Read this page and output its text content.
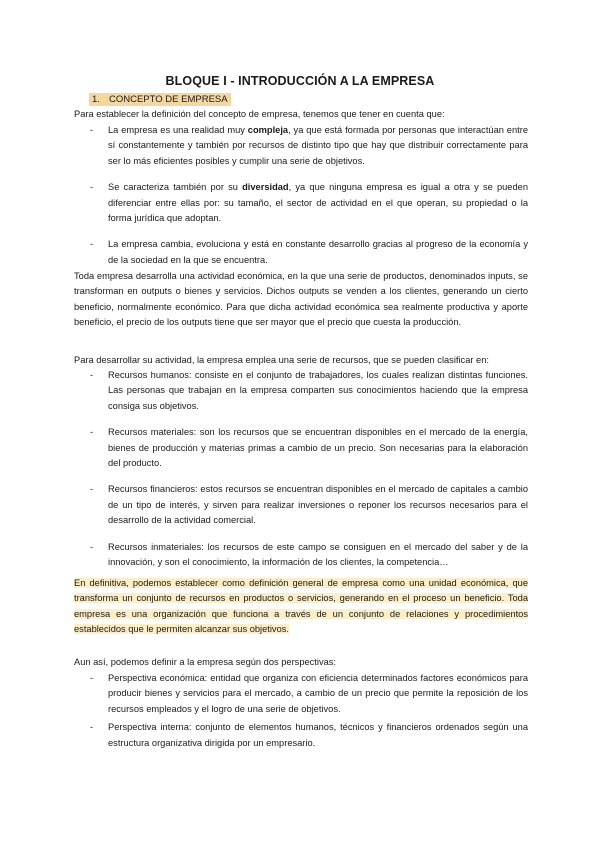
BLOQUE I - INTRODUCCIÓN A LA EMPRESA
1. CONCEPTO DE EMPRESA
Para establecer la definición del concepto de empresa, tenemos que tener en cuenta que:
- La empresa es una realidad muy compleja, ya que está formada por personas que interactúan entre sí constantemente y también por recursos de distinto tipo que hay que distribuir correctamente para ser lo más eficientes posibles y cumplir una serie de objetivos.
- Se caracteriza también por su diversidad, ya que ninguna empresa es igual a otra y se pueden diferenciar entre ellas por: su tamaño, el sector de actividad en el que operan, su propiedad o la forma jurídica que adoptan.
- La empresa cambia, evoluciona y está en constante desarrollo gracias al progreso de la economía y de la sociedad en la que se encuentra.
Toda empresa desarrolla una actividad económica, en la que una serie de productos, denominados inputs, se transforman en outputs o bienes y servicios. Dichos outputs se venden a los clientes, generando un cierto beneficio, normalmente económico. Para que dicha actividad económica sea realmente productiva y aporte beneficio, el precio de los outputs tiene que ser mayor que el precio que cuesta la producción.
Para desarrollar su actividad, la empresa emplea una serie de recursos, que se pueden clasificar en:
- Recursos humanos: consiste en el conjunto de trabajadores, los cuales realizan distintas funciones. Las personas que trabajan en la empresa comparten sus conocimientos haciendo que la empresa consiga sus objetivos.
- Recursos materiales: son los recursos que se encuentran disponibles en el mercado de la energía, bienes de producción y materias primas a cambio de un precio. Son necesarias para la elaboración del producto.
- Recursos financieros: estos recursos se encuentran disponibles en el mercado de capitales a cambio de un tipo de interés, y sirven para realizar inversiones o reponer los recursos necesarios para el desarrollo de la actividad comercial.
- Recursos inmateriales: los recursos de este campo se consiguen en el mercado del saber y de la innovación, y son el conocimiento, la información de los clientes, la competencia…
En definitiva, podemos establecer como definición general de empresa como una unidad económica, que transforma un conjunto de recursos en productos o servicios, generando en el proceso un beneficio. Toda empresa es una organización que funciona a través de un conjunto de relaciones y procedimientos establecidos que le permiten alcanzar sus objetivos.
Aun así, podemos definir a la empresa según dos perspectivas:
- Perspectiva económica: entidad que organiza con eficiencia determinados factores económicos para producir bienes y servicios para el mercado, a cambio de un precio que permite la reposición de los recursos empleados y el logro de una serie de objetivos.
- Perspectiva interna: conjunto de elementos humanos, técnicos y financieros ordenados según una estructura organizativa dirigida por un empresario.
